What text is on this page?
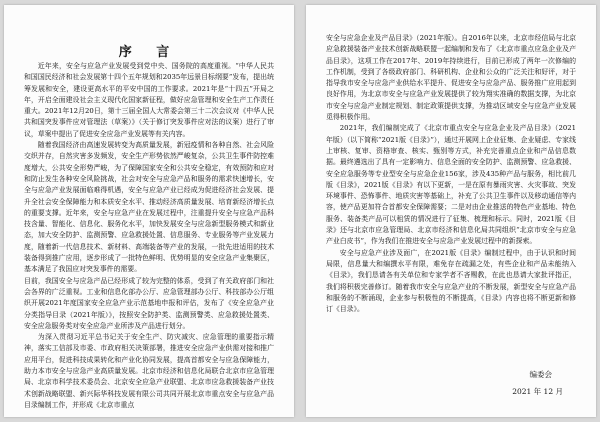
序 言

近年来，安全与应急产业发展受到党中央、国务院的高度重视。“中华人民共和国国民经济和社会发展第十四个五年规划和2035年远景目标纲要”发布，提出统筹发展和安全，建设更高水平的平安中国的工作要求。2021年是“十四五”开局之年，开启全面建设社会主义现代化国家新征程，做好应急管理和安全生产工作责任重大。2021年12月20日，第十三届全国人大常委会第三十二次会议对《中华人民共和国突发事件应对管理法（草案）》（关于修订突发事件应对法的议案）进行了审议，草案中提出了促进安全应急产业发展等有关内容。

随着我国经济由高速发展转变为高质量发展，新冠疫情和各种自然、社会风险交织并存，自然灾害多发频发，安全生产形势依然严峻复杂，公共卫生事件防控难度增大，公共安全形势严峻，为了保障国家安全和公共安全稳定，有效预防和应对和防止发生各种安全风险挑战，社会对安全与应急产品和服务的需求快速增长，安全与应急产业发展面临难得机遇，安全与应急产业已经成为促进经济社会发展、提升全社会安全保障能力和本质安全水平、推动经济高质量发展、培育新经济增长点的重要支撑。近年来，安全与应急产业在发展过程中，注重提升安全与应急产品科技含量、智能化、信息化、服务化水平，加快发展安全与应急新型服务模式和新业态，加大安全防护、监测预警、应急救援处置、信息服务、专业服务等产业发展力度，随着新一代信息技术、新材料、高端装备等产业的发展，一批先进适用的技术装备得到推广应用，逐步形成了一批特色鲜明、优势明显的安全应急产业集聚区，基本满足了我国应对突发事件的需要。

目前，我国安全与应急产品已经形成了较为完整的体系，受到了有关政府部门和社会各界的广泛重视。工业和信息化部办公厅、应急管理部办公厅、科技部办公厅组织开展2021年度国家安全应急产业示范基地申报和评估，发布了《安全应急产业分类指导目录（2021年版）》，按照安全防护类、监测预警类、应急救援处置类、安全应急服务类对安全应急产业所涉及产品进行划分。

为深入贯彻习近平总书记关于安全生产、防灾减灾、应急管理的重要指示精神，落实工信部及市委、市政府相关决策部署，推进安全应急产业供需对接和推广应用平台，促进科技成果转化和产业化协同发展，提高首都安全与应急保障能力，助力本市安全与应急产业高质量发展。北京市经济和信息化局联合北京市应急管理局、北京市科学技术委员会、北京安全应急产业联盟、北京市应急救援装备产业技术创新战略联盟、新兴际华科技发展有限公司共同开展北京市重点安全与应急产品目录编制工作，并形成《北京市重点

安全与应急企业及产品目录》（2021年版）。自2016年以来，北京市经信局与北京应急救援装备产业技术创新战略联盟一起编制和发布了《北京市重点应急企业及产品目录》，这项工作在2017年、2019年持续进行，目前已形成了两年一次修编的工作机制，受到了各级政府部门、科研机构、企业和公众的广泛关注和好评，对于指导我市安全与应急产业供给水平提升、促进安全与应急产品、服务推广应用起到良好作用，为北京市安全与应急产业发展提供了较为翔实准确的数据支撑，为北京市安全与应急产业制定规划、制定政策提供支撑，为推动区域安全与应急产业发展觅得积极作用。

2021年，我们编制完成了《北京市重点安全与应急企业及产品目录》（2021年版）（以下简称“2021版《目录》”），通过开展网上企业征集、企业疑虑、专家线上审核、复审、资格审查、核实、甄别等方式，补充完善重点企业和产品信息数据。最终遴选出了具有一定影响力、信息全面的安全防护、监测预警、应急救援、安全应急服务等专业型安全与应急企业156家，涉及435种产品与服务，相比前几版《目录》，2021版《目录》有以下更新，一是在原有暴雨灾害、火灾事故、突发环境事件、恐怖事件、地质灾害等基础上，补充了公共卫生事件以及移动通信等内容，使产品更加符合首都安全保障需要；二是对由企业推送的特色产业基地、特色服务、装备类产品可以租赁的情况进行了征集、梳理和标示。同时，2021版《目录》还与北京市应急管理局、北京市经济和信息化局共同组织“北京市安全与应急产业白皮书”，作为我们在推进安全与应急产业发展过程中的新探索。

安全与应急产业涉及面广，在2021版《目录》编制过程中，由于认识和时间局限，信息量大和编撰水平有限，难免存在疏漏之处，有些企业和产品未能纳入《目录》，我们恳请各有关单位和专家学者不吝赐教，在此也恳请大家批评指正，我们将积极完善修订。随着我市安全与应急产业的不断发展，新型安全与应急产品和服务的不断涌现，企业参与积极性的不断提高，《目录》内容也将不断更新和修订《目录》。

编委会
2021 年 12 月
